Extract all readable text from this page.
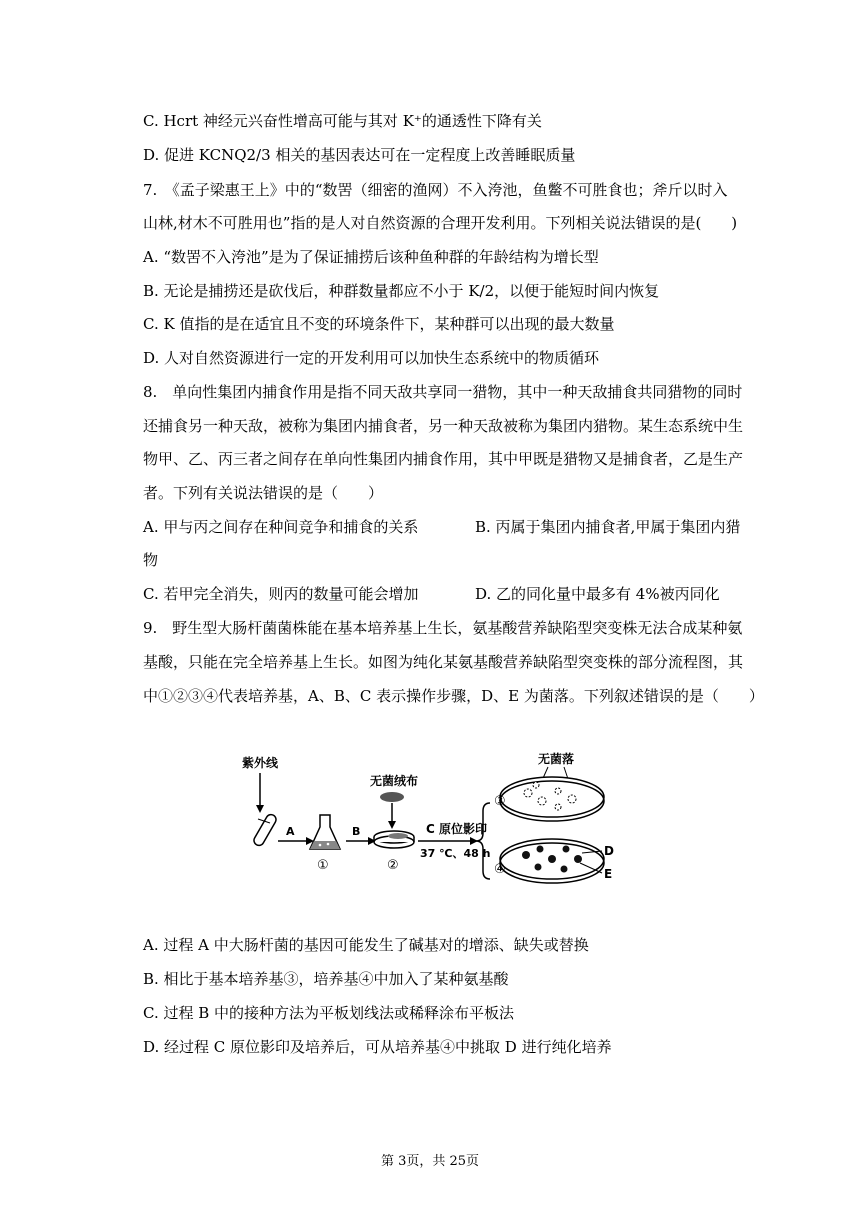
C. Hcrt 神经元兴奋性增高可能与其对 K⁺的通透性下降有关
D. 促进 KCNQ2/3 相关的基因表达可在一定程度上改善睡眠质量
7.　《孟子梁惠王上》中的“数罟（细密的渔网）不入洿池，鱼鳖不可胜食也；斧斤以时入
山林,材木不可胜用也”指的是人对自然资源的合理开发利用。下列相关说法错误的是(　　)
A. “数罟不入洿池”是为了保证捕捞后该种鱼种群的年龄结构为增长型
B. 无论是捕捞还是砍伐后，种群数量都应不小于 K/2，以便于能短时间内恢复
C. K 值指的是在适宜且不变的环境条件下，某种群可以出现的最大数量
D. 人对自然资源进行一定的开发利用可以加快生态系统中的物质循环
8.　单向性集团内捕食作用是指不同天敌共享同一猎物，其中一种天敌捕食共同猎物的同时
还捕食另一种天敌，被称为集团内捕食者，另一种天敌被称为集团内猎物。某生态系统中生
物甲、乙、丙三者之间存在单向性集团内捕食作用，其中甲既是猎物又是捕食者，乙是生产
者。下列有关说法错误的是（　　）
A. 甲与丙之间存在种间竞争和捕食的关系	B. 丙属于集团内捕食者,甲属于集团内猎
物
C. 若甲完全消失，则丙的数量可能会增加	D. 乙的同化量中最多有 4%被丙同化
9.　野生型大肠杆菌菌株能在基本培养基上生长，氨基酸营养缺陷型突变株无法合成某种氨
基酸，只能在完全培养基上生长。如图为纯化某氨基酸营养缺陷型突变株的部分流程图，其
中①②③④代表培养基，A、B、C 表示操作步骤，D、E 为菌落。下列叙述错误的是（　　）
紫外线
A
①
B
无菌绒布
②
C 原位影印
37 ℃、48 h
无菌落
③
④
D
E
A. 过程 A 中大肠杆菌的基因可能发生了碱基对的增添、缺失或替换
B. 相比于基本培养基③，培养基④中加入了某种氨基酸
C. 过程 B 中的接种方法为平板划线法或稀释涂布平板法
D. 经过程 C 原位影印及培养后，可从培养基④中挑取 D 进行纯化培养
第 3页，共 25页
